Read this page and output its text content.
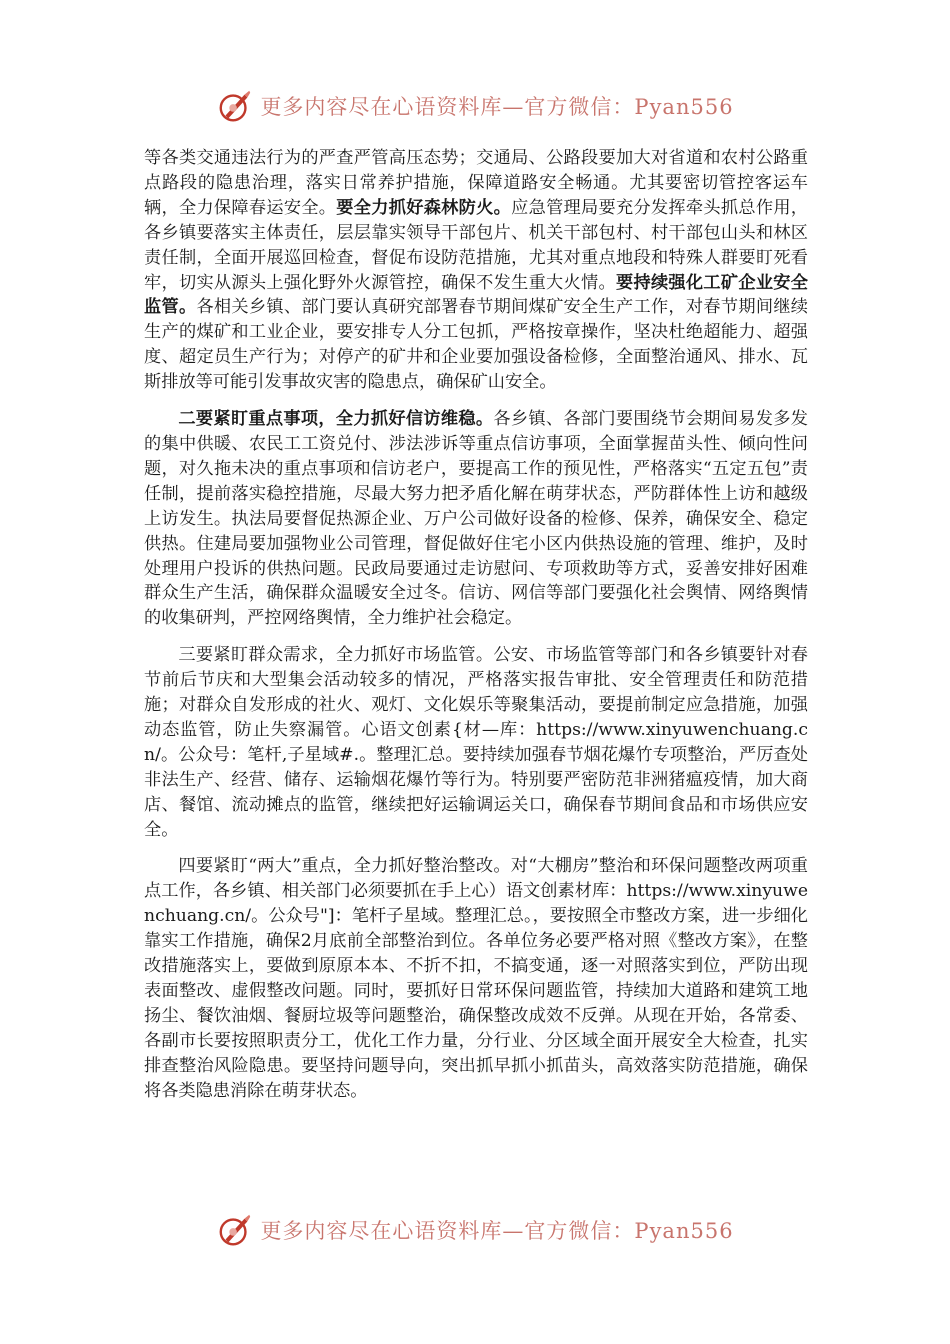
更多内容尽在心语资料库—官方微信：Pyan556

等各类交通违法行为的严查严管高压态势；交通局、公路段要加大对省道和农村公路重点路段的隐患治理，落实日常养护措施，保障道路安全畅通。尤其要密切管控客运车辆，全力保障春运安全。要全力抓好森林防火。应急管理局要充分发挥牵头抓总作用，各乡镇要落实主体责任，层层靠实领导干部包片、机关干部包村、村干部包山头和林区责任制，全面开展巡回检查，督促布设防范措施，尤其对重点地段和特殊人群要盯死看牢，切实从源头上强化野外火源管控，确保不发生重大火情。要持续强化工矿企业安全监管。各相关乡镇、部门要认真研究部署春节期间煤矿安全生产工作，对春节期间继续生产的煤矿和工业企业，要安排专人分工包抓，严格按章操作，坚决杜绝超能力、超强度、超定员生产行为；对停产的矿井和企业要加强设备检修，全面整治通风、排水、瓦斯排放等可能引发事故灾害的隐患点，确保矿山安全。

二要紧盯重点事项，全力抓好信访维稳。各乡镇、各部门要围绕节会期间易发多发的集中供暖、农民工工资兑付、涉法涉诉等重点信访事项，全面掌握苗头性、倾向性问题，对久拖未决的重点事项和信访老户，要提高工作的预见性，严格落实“五定五包”责任制，提前落实稳控措施，尽最大努力把矛盾化解在萌芽状态，严防群体性上访和越级上访发生。执法局要督促热源企业、万户公司做好设备的检修、保养，确保安全、稳定供热。住建局要加强物业公司管理，督促做好住宅小区内供热设施的管理、维护，及时处理用户投诉的供热问题。民政局要通过走访慰问、专项救助等方式，妥善安排好困难群众生产生活，确保群众温暖安全过冬。信访、网信等部门要强化社会舆情、网络舆情的收集研判，严控网络舆情，全力维护社会稳定。

三要紧盯群众需求，全力抓好市场监管。公安、市场监管等部门和各乡镇要针对春节前后节庆和大型集会活动较多的情况，严格落实报告审批、安全管理责任和防范措施；对群众自发形成的社火、观灯、文化娱乐等聚集活动，要提前制定应急措施，加强动态监管，防止失察漏管。心语文创素{材—库：https://www.xinyuwenchuang.cn/。公众号：笔杆,子星域#.。整理汇总。要持续加强春节烟花爆竹专项整治，严厉查处非法生产、经营、储存、运输烟花爆竹等行为。特别要严密防范非洲猪瘟疫情，加大商店、餐馆、流动摊点的监管，继续把好运输调运关口，确保春节期间食品和市场供应安全。

四要紧盯“两大”重点，全力抓好整治整改。对“大棚房”整治和环保问题整改两项重点工作，各乡镇、相关部门必须要抓在手上心）语文创素材库：https://www.xinyuwenchuang.cn/。公众号"]：笔杆子星域。整理汇总。，要按照全市整改方案，进一步细化靠实工作措施，确保2月底前全部整治到位。各单位务必要严格对照《整改方案》，在整改措施落实上，要做到原原本本、不折不扣，不搞变通，逐一对照落实到位，严防出现表面整改、虚假整改问题。同时，要抓好日常环保问题监管，持续加大道路和建筑工地扬尘、餐饮油烟、餐厨垃圾等问题整治，确保整改成效不反弹。从现在开始，各常委、各副市长要按照职责分工，优化工作力量，分行业、分区域全面开展安全大检查，扎实排查整治风险隐患。要坚持问题导向，突出抓早抓小抓苗头，高效落实防范措施，确保将各类隐患消除在萌芽状态。

更多内容尽在心语资料库—官方微信：Pyan556
